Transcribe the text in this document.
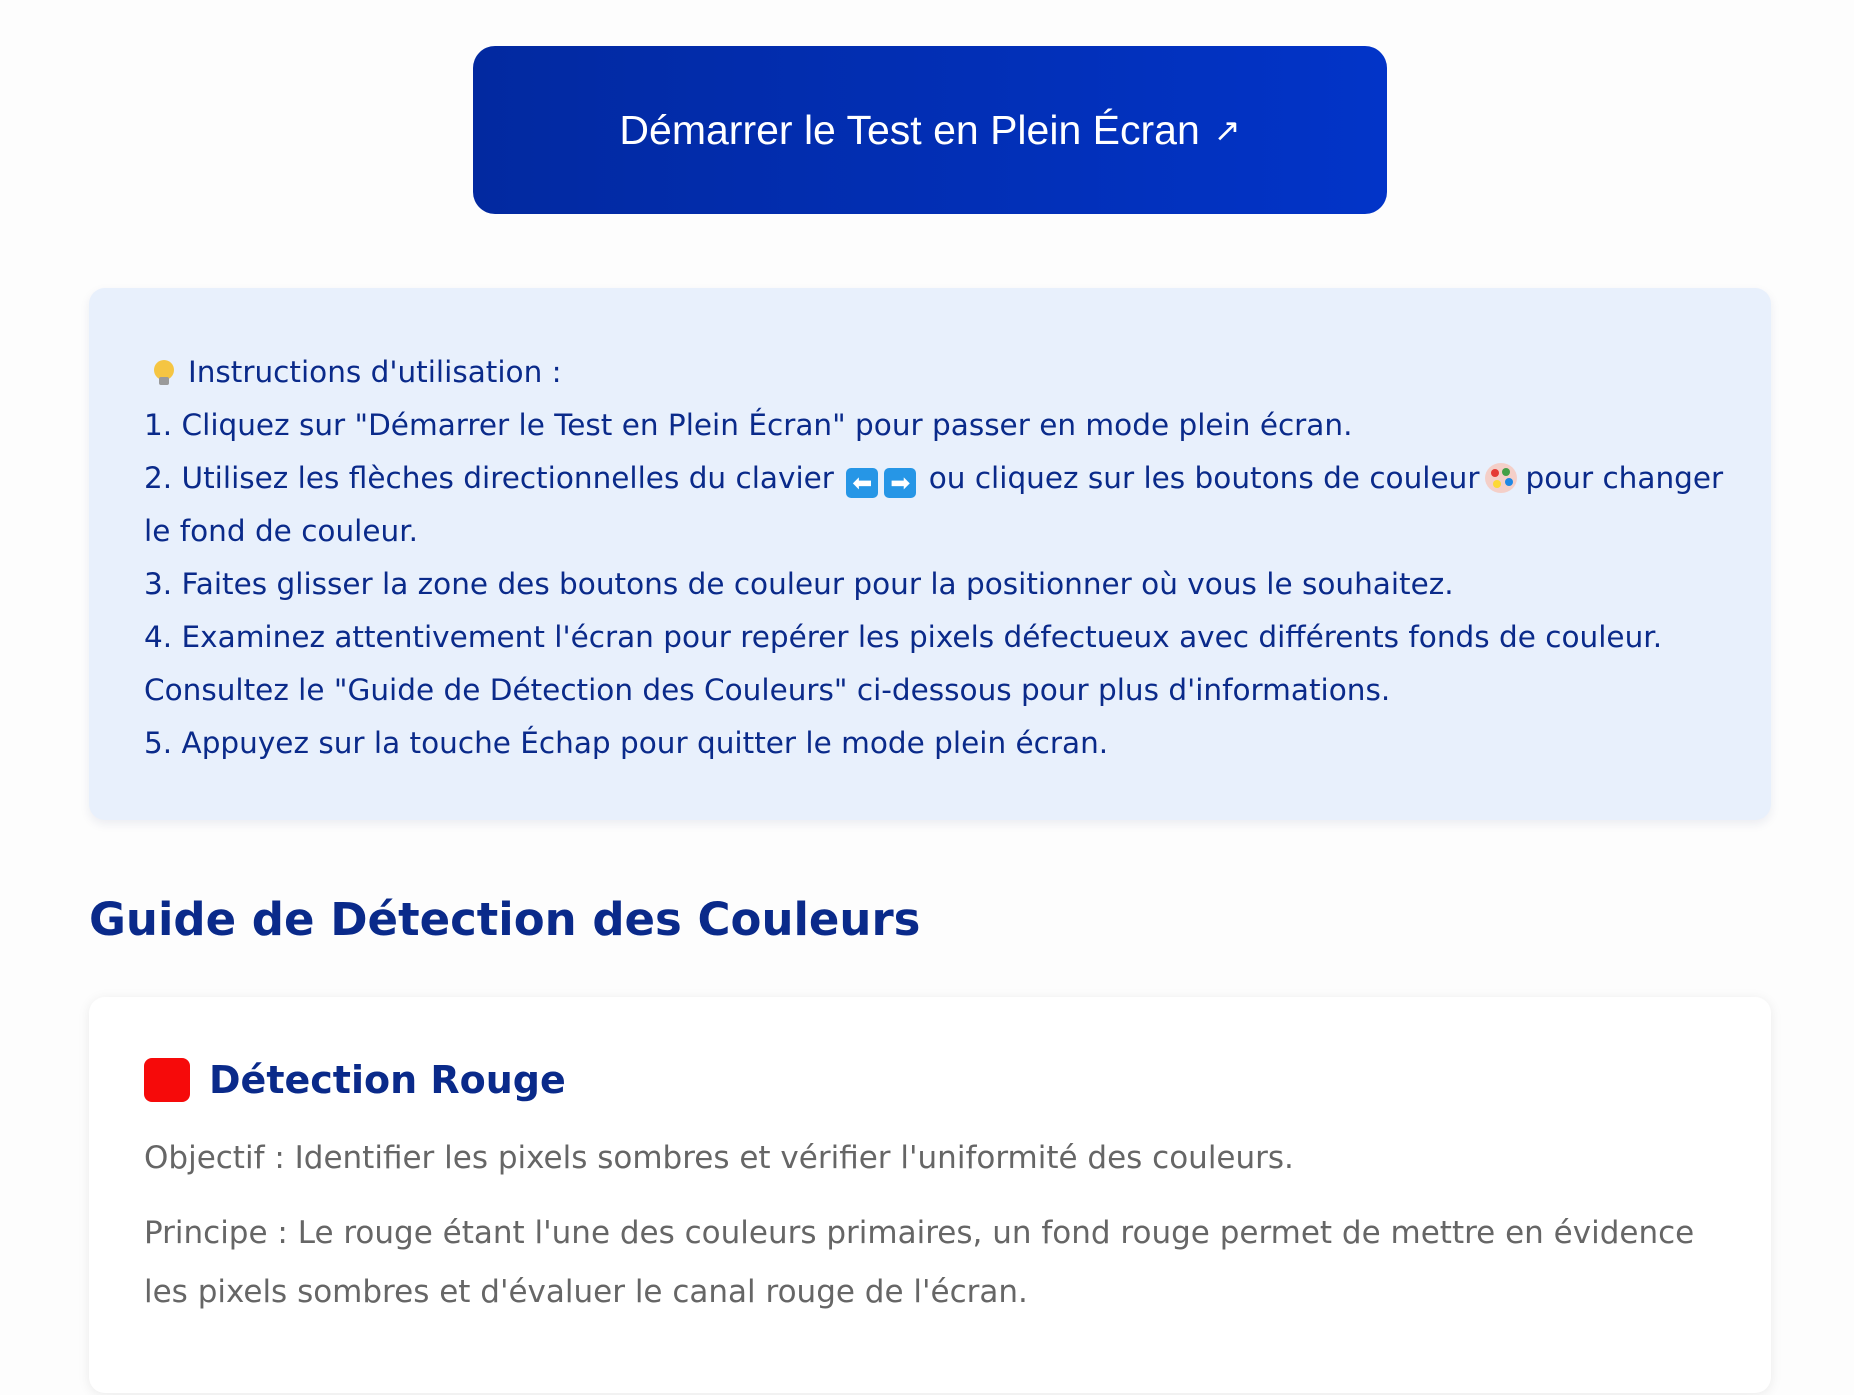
Démarrer le Test en Plein Écran ↗
Instructions d'utilisation :
1. Cliquez sur "Démarrer le Test en Plein Écran" pour passer en mode plein écran.
2. Utilisez les flèches directionnelles du clavier ⬅ ➡ ou cliquez sur les boutons de couleur pour changer
le fond de couleur.
3. Faites glisser la zone des boutons de couleur pour la positionner où vous le souhaitez.
4. Examinez attentivement l'écran pour repérer les pixels défectueux avec différents fonds de couleur.
Consultez le "Guide de Détection des Couleurs" ci-dessous pour plus d'informations.
5. Appuyez sur la touche Échap pour quitter le mode plein écran.
Guide de Détection des Couleurs
Détection Rouge

Objectif : Identifier les pixels sombres et vérifier l'uniformité des couleurs.

Principe : Le rouge étant l'une des couleurs primaires, un fond rouge permet de mettre en évidence les pixels sombres et d'évaluer le canal rouge de l'écran.
